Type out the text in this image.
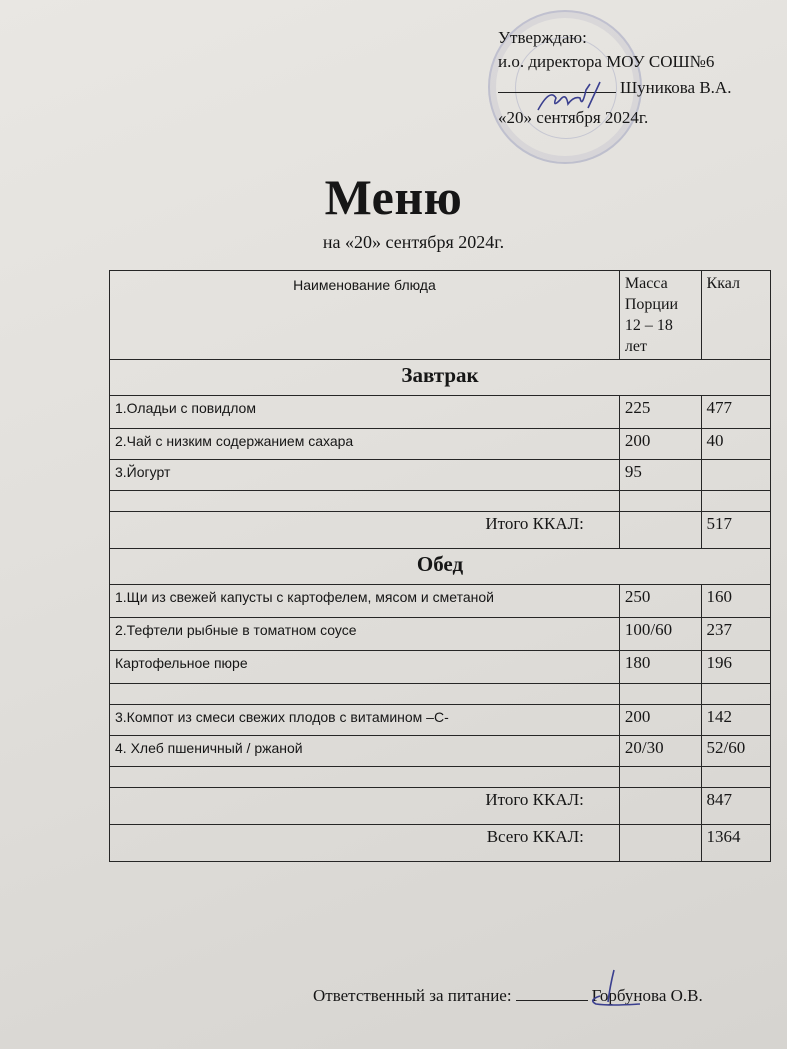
Утверждаю:
и.о. директора МОУ СОШ№6
Шуникова В.А.
«20» сентября 2024г.
Меню
на «20» сентября 2024г.
Наименование блюда	Масса Порции 12 – 18 лет	Ккал
Завтрак		
1.Оладьи с повидлом	225	477
2.Чай с низким содержанием сахара	200	40
3.Йогурт	95	

Итого ККАЛ:		517
Обед		
1.Щи из свежей капусты с картофелем, мясом и сметаной	250	160
2.Тефтели рыбные в томатном соусе	100/60	237
Картофельное пюре	180	196

3.Компот из смеси свежих плодов с витамином –С-	200	142
4. Хлеб пшеничный / ржаной	20/30	52/60

Итого ККАЛ:		847
Всего ККАЛ:		1364
Ответственный за питание:	Горбунова О.В.
